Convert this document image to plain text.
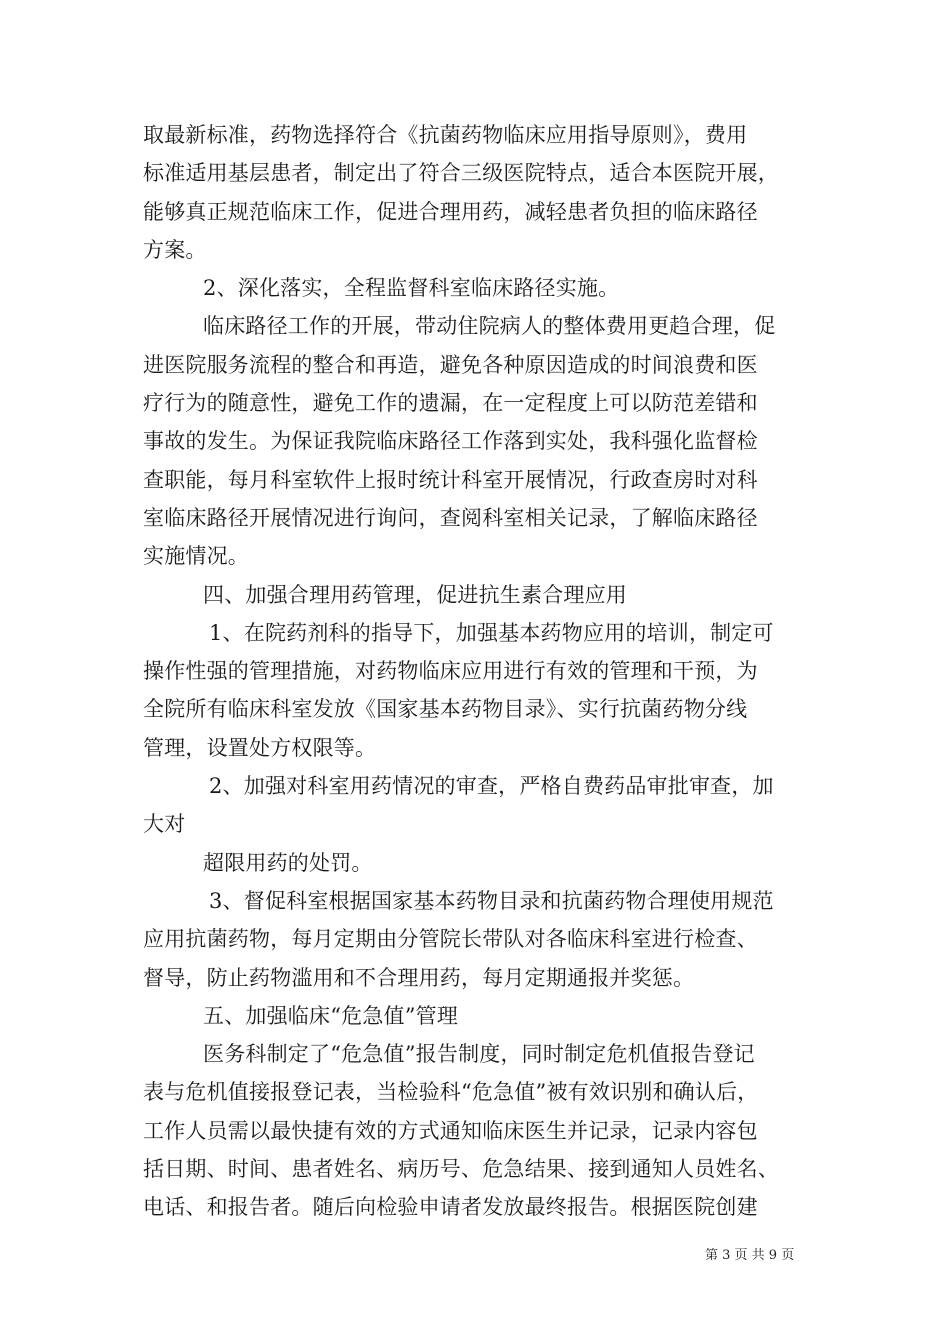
取最新标准，药物选择符合《抗菌药物临床应用指导原则》，费用
标准适用基层患者，制定出了符合三级医院特点，适合本医院开展，
能够真正规范临床工作，促进合理用药，减轻患者负担的临床路径
方案。
2、深化落实，全程监督科室临床路径实施。
临床路径工作的开展，带动住院病人的整体费用更趋合理，促
进医院服务流程的整合和再造，避免各种原因造成的时间浪费和医
疗行为的随意性，避免工作的遗漏，在一定程度上可以防范差错和
事故的发生。为保证我院临床路径工作落到实处，我科强化监督检
查职能，每月科室软件上报时统计科室开展情况，行政查房时对科
室临床路径开展情况进行询问，查阅科室相关记录，了解临床路径
实施情况。
四、加强合理用药管理，促进抗生素合理应用
1、在院药剂科的指导下，加强基本药物应用的培训，制定可
操作性强的管理措施，对药物临床应用进行有效的管理和干预，为
全院所有临床科室发放《国家基本药物目录》、实行抗菌药物分线
管理，设置处方权限等。
2、加强对科室用药情况的审查，严格自费药品审批审查，加
大对
超限用药的处罚。
3、督促科室根据国家基本药物目录和抗菌药物合理使用规范
应用抗菌药物，每月定期由分管院长带队对各临床科室进行检查、
督导，防止药物滥用和不合理用药，每月定期通报并奖惩。
五、加强临床“危急值”管理
医务科制定了“危急值”报告制度，同时制定危机值报告登记
表与危机值接报登记表，当检验科“危急值”被有效识别和确认后，
工作人员需以最快捷有效的方式通知临床医生并记录，记录内容包
括日期、时间、患者姓名、病历号、危急结果、接到通知人员姓名、
电话、和报告者。随后向检验申请者发放最终报告。根据医院创建
第 3 页 共 9 页
